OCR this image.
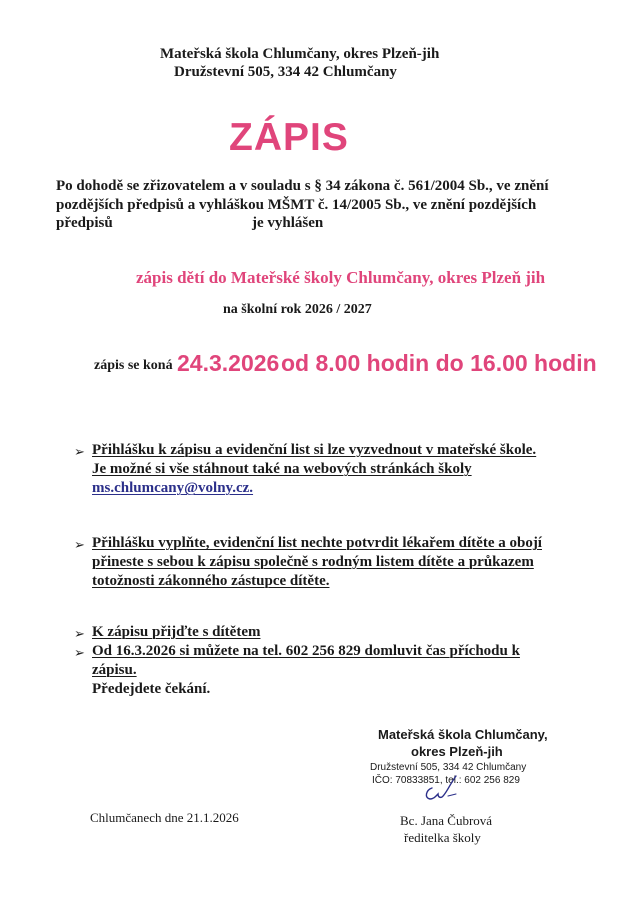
Mateřská škola Chlumčany, okres Plzeň-jih
Družstevní 505, 334 42 Chlumčany
ZÁPIS
Po dohodě se zřizovatelem a v souladu s § 34 zákona č. 561/2004 Sb., ve znění
pozdějších předpisů a vyhláškou MŠMT č. 14/2005 Sb., ve znění pozdějších
předpisů	je vyhlášen
zápis dětí do Mateřské školy Chlumčany, okres Plzeň jih
na školní rok 2026 / 2027
zápis se koná 24.3.2026 od 8.00 hodin do 16.00 hodin
➢ Přihlášku k zápisu a evidenční list si lze vyzvednout v mateřské škole.
Je možné si vše stáhnout také na webových stránkách školy
ms.chlumcany@volny.cz.
➢ Přihlášku vyplňte, evidenční list nechte potvrdit lékařem dítěte a obojí
přineste s sebou k zápisu společně s rodným listem dítěte a průkazem
totožnosti zákonného zástupce dítěte.
➢ K zápisu přijďte s dítětem
➢ Od 16.3.2026 si můžete na tel. 602 256 829 domluvit čas příchodu k
zápisu.
Předejdete čekání.
Mateřská škola Chlumčany,
okres Plzeň-jih
Družstevní 505, 334 42 Chlumčany
IČO: 70833851, tel.: 602 256 829
Chlumčanech dne 21.1.2026	Bc. Jana Čubrová
ředitelka školy
